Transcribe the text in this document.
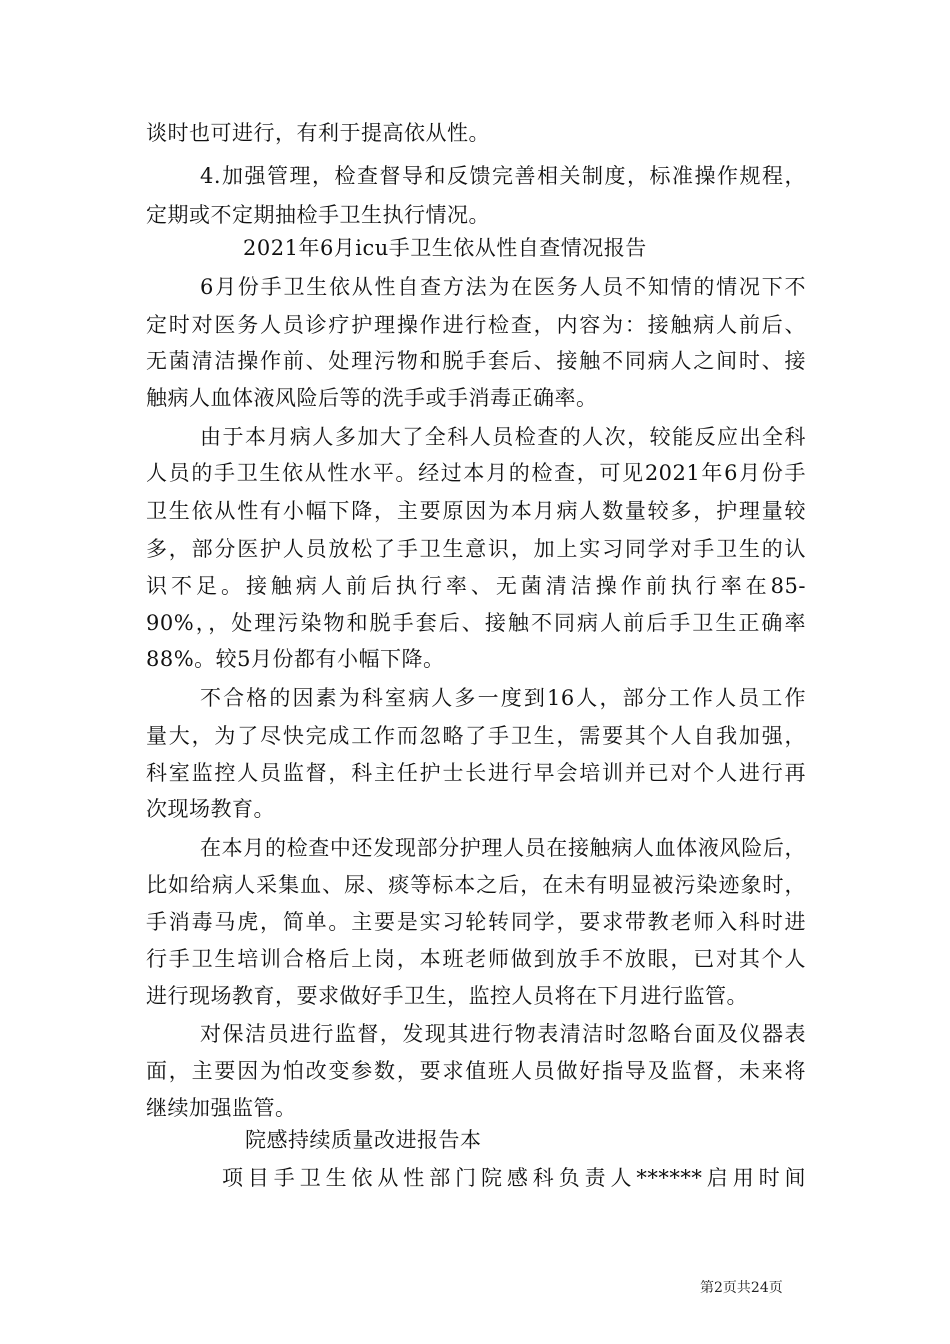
谈时也可进行，有利于提高依从性。
4.加强管理，检查督导和反馈完善相关制度，标准操作规程，
定期或不定期抽检手卫生执行情况。
2021年6月icu手卫生依从性自查情况报告
6月份手卫生依从性自查方法为在医务人员不知情的情况下不
定时对医务人员诊疗护理操作进行检查，内容为：接触病人前后、
无菌清洁操作前、处理污物和脱手套后、接触不同病人之间时、接
触病人血体液风险后等的洗手或手消毒正确率。
由于本月病人多加大了全科人员检查的人次，较能反应出全科
人员的手卫生依从性水平。经过本月的检查，可见2021年6月份手
卫生依从性有小幅下降，主要原因为本月病人数量较多，护理量较
多，部分医护人员放松了手卫生意识，加上实习同学对手卫生的认
识不足。接触病人前后执行率、无菌清洁操作前执行率在85-
90%，，处理污染物和脱手套后、接触不同病人前后手卫生正确率
88%。较5月份都有小幅下降。
不合格的因素为科室病人多一度到16人，部分工作人员工作
量大，为了尽快完成工作而忽略了手卫生，需要其个人自我加强，
科室监控人员监督，科主任护士长进行早会培训并已对个人进行再
次现场教育。
在本月的检查中还发现部分护理人员在接触病人血体液风险后，
比如给病人采集血、尿、痰等标本之后，在未有明显被污染迹象时，
手消毒马虎，简单。主要是实习轮转同学，要求带教老师入科时进
行手卫生培训合格后上岗，本班老师做到放手不放眼，已对其个人
进行现场教育，要求做好手卫生，监控人员将在下月进行监管。
对保洁员进行监督，发现其进行物表清洁时忽略台面及仪器表
面，主要因为怕改变参数，要求值班人员做好指导及监督，未来将
继续加强监管。
院感持续质量改进报告本
项目手卫生依从性部门院感科负责人******启用时间
第2页共24页
